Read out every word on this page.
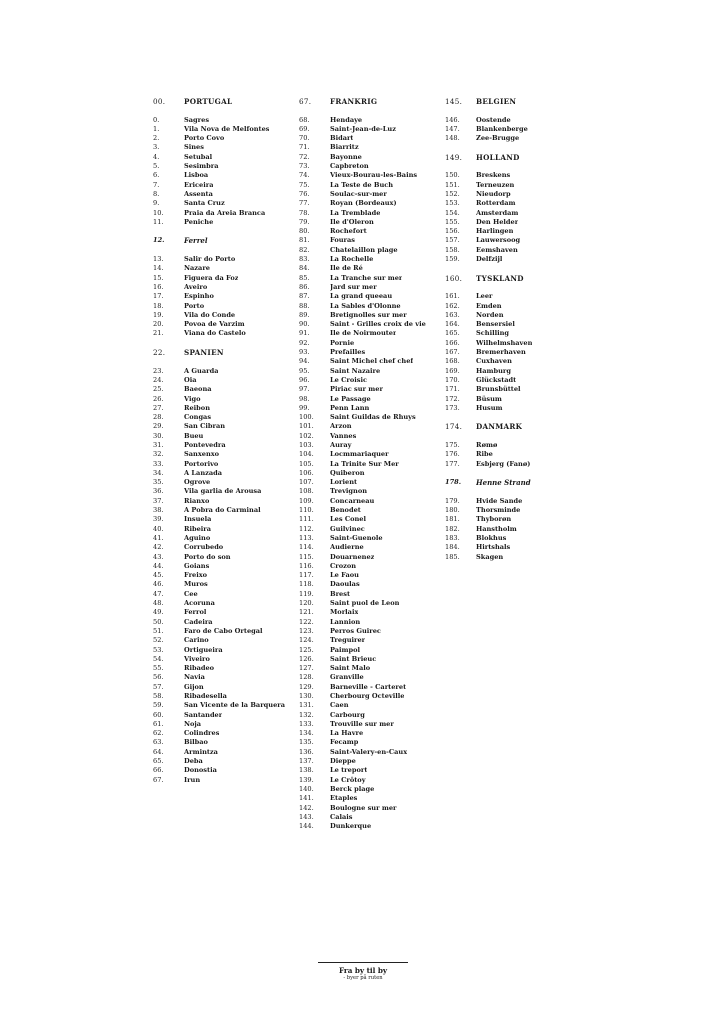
00.	PORTUGAL
0.	Sagres
1.	Vila Nova de Melfontes
2.	Porto Covo
3.	Sines
4.	Setubal
5.	Sesimbra
6.	Lisboa
7.	Ericeira
8.	Assenta
9.	Santa Cruz
10.	Praia da Areia Branca
11.	Peniche
12.	Ferrel
13.	Salir do Porto
14.	Nazare
15.	Figuera da Foz
16.	Aveiro
17.	Espinho
18.	Porto
19.	Vila do Conde
20.	Povoa de Varzim
21.	Viana do Castelo
22.	SPANIEN
23.	A Guarda
24.	Oia
25.	Baeona
26.	Vigo
27.	Reibon
28.	Congas
29.	San Cibran
30.	Bueu
31.	Pontevedra
32.	Sanxenxo
33.	Portorivo
34.	A Lanzada
35.	Ogrove
36.	Vila garlia de Arousa
37.	Rianxo
38.	A Pobra do Carminal
39.	Insuela
40.	Ribeira
41.	Aguino
42.	Corrubedo
43.	Porto do son
44.	Goians
45.	Freixo
46.	Muros
47.	Cee
48.	Acoruna
49.	Ferrol
50.	Cadeira
51.	Faro de Cabo Ortegal
52.	Carino
53.	Ortigueira
54.	Viveiro
55.	Ribadeo
56.	Navia
57.	Gijon
58.	Ribadesella
59.	San Vicente de la Barquera
60.	Santander
61.	Noja
62.	Colindres
63.	Bilbao
64.	Armintza
65.	Deba
66.	Donostia
67.	Irun
67.	FRANKRIG
68.	Hendaye
69.	Saint-Jean-de-Luz
70.	Bidart
71.	Biarritz
72.	Bayonne
73.	Capbreton
74.	Vieux-Bourau-les-Bains
75.	La Teste de Buch
76.	Soulac-sur-mer
77.	Royan (Bordeaux)
78.	La Tremblade
79.	Ile d'Oleron
80.	Rochefort
81.	Fouras
82.	Chatelaillon plage
83.	La Rochelle
84.	Ile de Ré
85.	La Tranche sur mer
86.	Jard sur mer
87.	La grand queeau
88.	La Sables d'Olonne
89.	Bretignolles sur mer
90.	Saint - Grilles croix de vie
91.	Ile de Noirmouter
92.	Pornie
93.	Prefailles
94.	Saint Michel chef chef
95.	Saint Nazaire
96.	Le Croisic
97.	Piriac sur mer
98.	Le Passage
99.	Penn Lann
100.	Saint Guildas de Rhuys
101.	Arzon
102.	Vannes
103.	Auray
104.	Locmmariaquer
105.	La Trinite Sur Mer
106.	Quiberon
107.	Lorient
108.	Trevignon
109.	Concarneau
110.	Benodet
111.	Les Conel
112.	Guilvinec
113.	Saint-Guenole
114.	Audierne
115.	Douarnenez
116.	Crozon
117.	Le Faou
118.	Daoulas
119.	Brest
120.	Saint puol de Leon
121.	Morlaix
122.	Lannion
123.	Perros Guirec
124.	Treguirer
125.	Paimpol
126.	Saint Brieuc
127.	Saint Malo
128.	Granville
129.	Barneville - Carteret
130.	Cherbourg Octeville
131.	Caen
132.	Carbourg
133.	Trouville sur mer
134.	La Havre
135.	Fecamp
136.	Saint-Valery-en-Caux
137.	Dieppe
138.	Le treport
139.	Le Crôtoy
140.	Berck plage
141.	Etaples
142.	Boulogne sur mer
143.	Calais
144.	Dunkerque
145.	BELGIEN
146.	Oostende
147.	Blankenberge
148.	Zee-Brugge
149.	HOLLAND
150.	Breskens
151.	Terneuzen
152.	Nieudorp
153.	Rotterdam
154.	Amsterdam
155.	Den Helder
156.	Harlingen
157.	Lauwersoog
158.	Eemshaven
159.	Delfzijl
160.	TYSKLAND
161.	Leer
162.	Emden
163.	Norden
164.	Bensersiel
165.	Schilling
166.	Wilhelmshaven
167.	Bremerhaven
168.	Cuxhaven
169.	Hamburg
170.	Glückstadt
171.	Brunsbüttel
172.	Büsum
173.	Husum
174.	DANMARK
175.	Rømø
176.	Ribe
177.	Esbjerg (Fanø)
178.	Henne Strand
179.	Hvide Sande
180.	Thorsminde
181.	Thyborøn
182.	Hanstholm
183.	Blokhus
184.	Hirtshals
185.	Skagen
Fra by til by
- byer på ruten
